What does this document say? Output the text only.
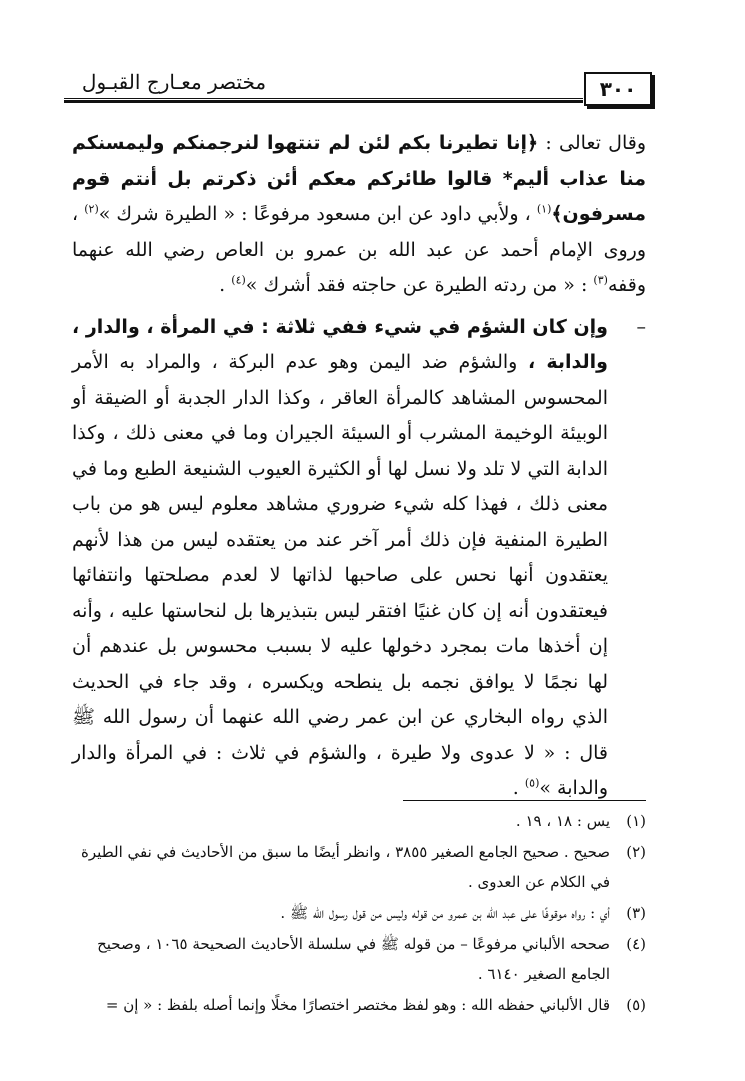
مختصر معـارج القبـول	٣٠٠

وقال تعالى : ﴿إنا تطيرنا بكم لئن لم تنتهوا لنرجمنكم وليمسنكم منا عذاب أليم* قالوا طائركم معكم أئن ذكرتم بل أنتم قوم مسرفون﴾$^{(١)}$ ، ولأبي داود عن ابن مسعود مرفوعًا : « الطيرة شرك »$^{(٢)}$ ، وروى الإمام أحمد عن عبد الله بن عمرو بن العاص رضي الله عنهما وقفه$^{(٣)}$ : « من ردته الطيرة عن حاجته فقد أشرك »$^{(٤)}$ .

–
وإن كان الشؤم في شيء ففي ثلاثة : في المرأة ، والدار ، والدابة ، والشؤم ضد اليمن وهو عدم البركة ، والمراد به الأمر المحسوس المشاهد كالمرأة العاقر ، وكذا الدار الجدبة أو الضيقة أو الوبيئة الوخيمة المشرب أو السيئة الجيران وما في معنى ذلك ، وكذا الدابة التي لا تلد ولا نسل لها أو الكثيرة العيوب الشنيعة الطبع وما في معنى ذلك ، فهذا كله شيء ضروري مشاهد معلوم ليس هو من باب الطيرة المنفية فإن ذلك أمر آخر عند من يعتقده ليس من هذا لأنهم يعتقدون أنها نحس على صاحبها لذاتها لا لعدم مصلحتها وانتفائها فيعتقدون أنه إن كان غنيًا افتقر ليس بتبذيرها بل لنحاستها عليه ، وأنه إن أخذها مات بمجرد دخولها عليه لا بسبب محسوس بل عندهم أن لها نجمًا لا يوافق نجمه بل ينطحه ويكسره ، وقد جاء في الحديث الذي رواه البخاري عن ابن عمر رضي الله عنهما أن رسول الله ﷺ قال : « لا عدوى ولا طيرة ، والشؤم في ثلاث : في المرأة والدار والدابة »$^{(٥)}$ .

(١)
يس : ١٨ ، ١٩ .
(٢)
صحيح . صحيح الجامع الصغير ٣٨٥٥ ، وانظر أيضًا ما سبق من الأحاديث في نفي الطيرة في الكلام عن العدوى .
(٣)
أي : رواه موقوفًا على عبد الله بن عمرو من قوله وليس من قول رسول الله ﷺ .
(٤)
صححه الألباني مرفوعًا – من قوله ﷺ في سلسلة الأحاديث الصحيحة ١٠٦٥ ، وصحيح الجامع الصغير ٦١٤٠ .
(٥)
قال الألباني حفظه الله : وهو لفظ مختصر اختصارًا مخلًا وإنما أصله بلفظ : « إن =
